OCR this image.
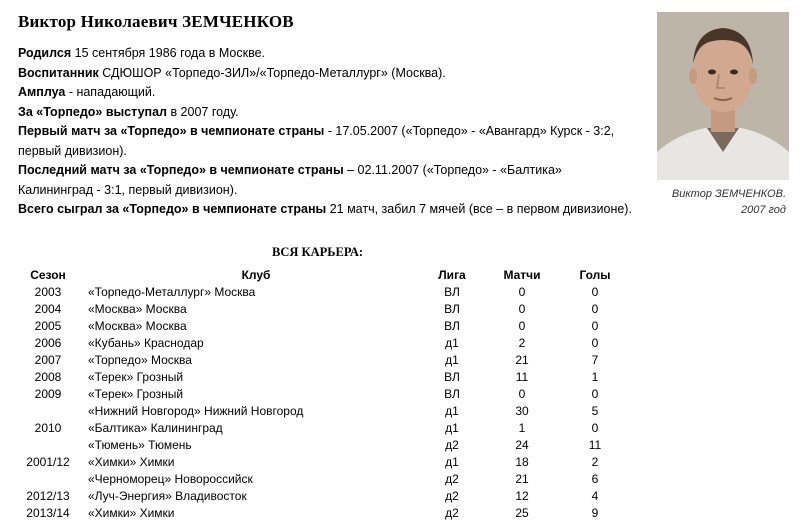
Виктор Николаевич ЗЕМЧЕНКОВ

Родился 15 сентября 1986 года в Москве.

Воспитанник СДЮШОР «Торпедо-ЗИЛ»/«Торпедо-Металлург» (Москва).

Амплуа - нападающий.

За «Торпедо» выступал в 2007 году.

Первый матч за «Торпедо» в чемпионате страны - 17.05.2007 («Торпедо» - «Авангард» Курск - 3:2, первый дивизион).

Последний матч за «Торпедо» в чемпионате страны – 02.11.2007 («Торпедо» - «Балтика» Калининград - 3:1, первый дивизион).

Всего сыграл за «Торпедо» в чемпионате страны 21 матч, забил 7 мячей (все – в первом дивизионе).

Виктор ЗЕМЧЕНКОВ.
2007 год
ВСЯ КАРЬЕРА:
Сезон	Клуб	Лига	Матчи	Голы
2003	«Торпедо-Металлург» Москва	ВЛ	0	0
2004	«Москва» Москва	ВЛ	0	0
2005	«Москва» Москва	ВЛ	0	0
2006	«Кубань» Краснодар	д1	2	0
2007	«Торпедо» Москва	д1	21	7
2008	«Терек» Грозный	ВЛ	11	1
2009	«Терек» Грозный	ВЛ	0	0
	«Нижний Новгород» Нижний Новгород	д1	30	5
2010	«Балтика» Калининград	д1	1	0
	«Тюмень» Тюмень	д2	24	11
2001/12	«Химки» Химки	д1	18	2
	«Черноморец» Новороссийск	д2	21	6
2012/13	«Луч-Энергия» Владивосток	д2	12	4
2013/14	«Химки» Химки	д2	25	9
